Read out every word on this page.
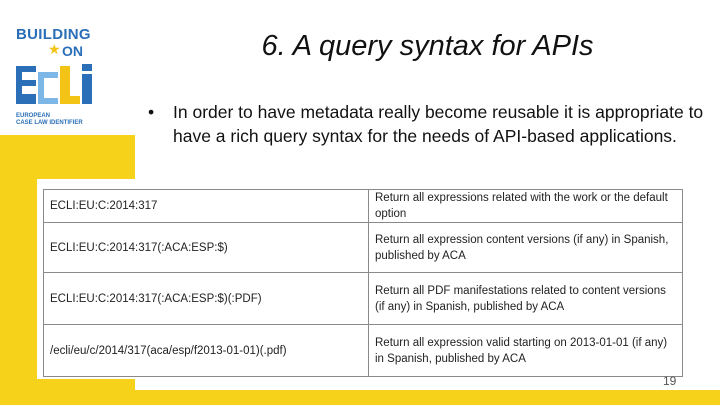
BUILDING
★ ON
EUROPEAN
CASE LAW IDENTIFIER
6. A query syntax for APIs
• In order to have metadata really become reusable it is appropriate to have a rich query syntax for the needs of API-based applications.
ECLI:EU:C:2014:317	Return all expressions related with the work or the default option
ECLI:EU:C:2014:317(:ACA:ESP:$)	Return all expression content versions (if any) in Spanish, published by ACA
ECLI:EU:C:2014:317(:ACA:ESP:$)(:PDF)	Return all PDF manifestations related to content versions (if any) in Spanish, published by ACA
/ecli/eu/c/2014/317(aca/esp/f2013-01-01)(.pdf)	Return all expression valid starting on 2013-01-01 (if any) in Spanish, published by ACA
19
